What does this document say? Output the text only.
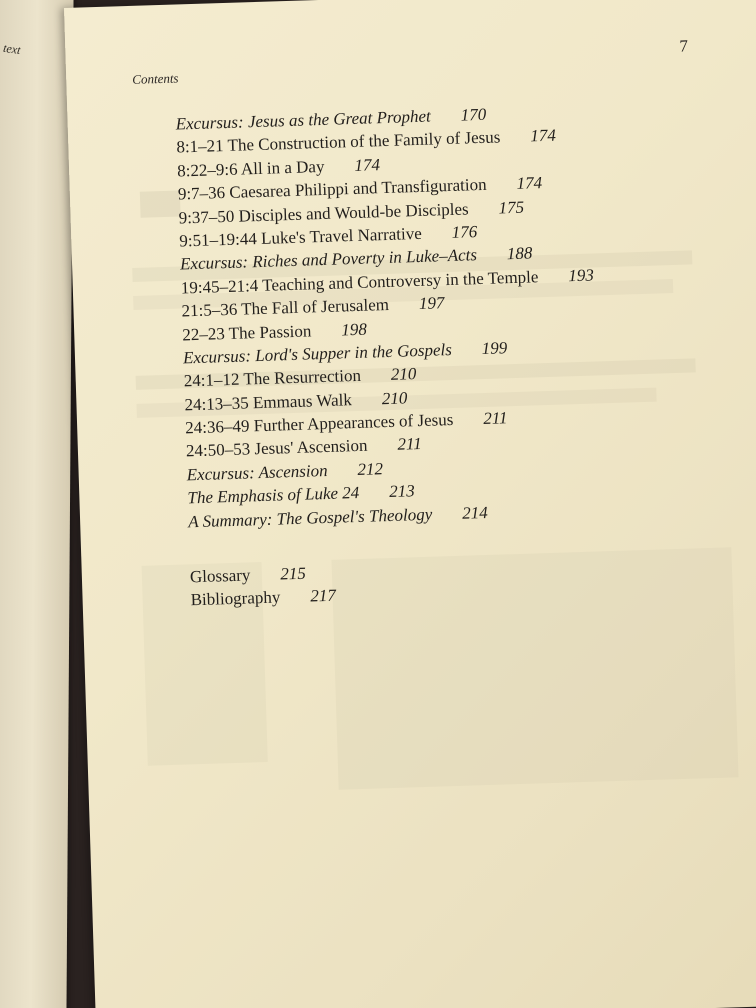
text
Contents
7
Excursus: Jesus as the Great Prophet 170
8:1–21 The Construction of the Family of Jesus 174
8:22–9:6 All in a Day 174
9:7–36 Caesarea Philippi and Transfiguration 174
9:37–50 Disciples and Would-be Disciples 175
9:51–19:44 Luke's Travel Narrative 176
Excursus: Riches and Poverty in Luke–Acts 188
19:45–21:4 Teaching and Controversy in the Temple 193
21:5–36 The Fall of Jerusalem 197
22–23 The Passion 198
Excursus: Lord's Supper in the Gospels 199
24:1–12 The Resurrection 210
24:13–35 Emmaus Walk 210
24:36–49 Further Appearances of Jesus 211
24:50–53 Jesus' Ascension 211
Excursus: Ascension 212
The Emphasis of Luke 24 213
A Summary: The Gospel's Theology 214
Glossary 215
Bibliography 217
